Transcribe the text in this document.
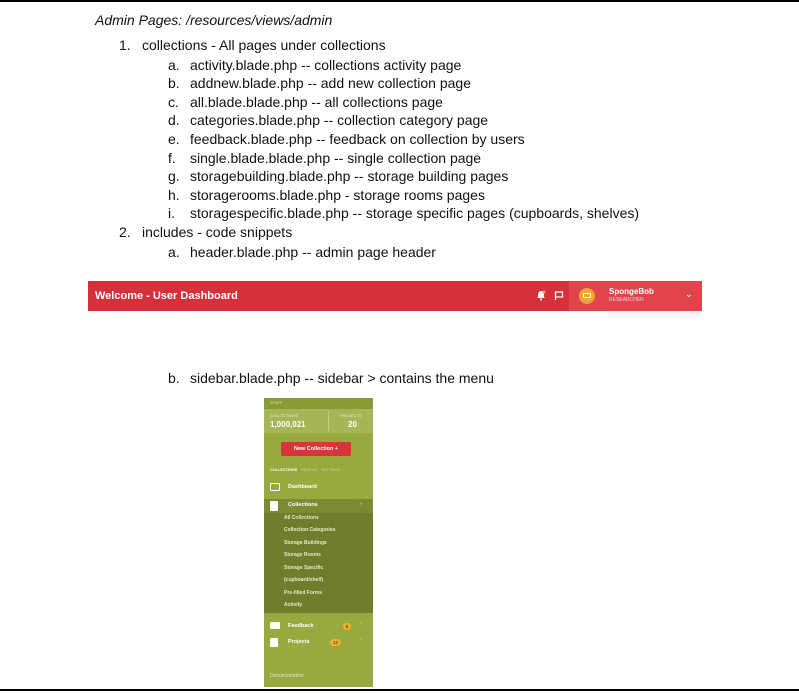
Admin Pages: /resources/views/admin
1. collections - All pages under collections
a. activity.blade.php -- collections activity page
b. addnew.blade.php -- add new collection page
c. all.blade.blade.php -- all collections page
d. categories.blade.php -- collection category page
e. feedback.blade.php -- feedback on collection by users
f. single.blade.blade.php -- single collection page
g. storagebuilding.blade.php -- storage building pages
h. storagerooms.blade.php - storage rooms pages
i. storagespecific.blade.php -- storage specific pages (cupboards, shelves)
2. includes - code snippets
a. header.blade.php -- admin page header
Welcome - User Dashboard	SpongeBob
RESEARCHER
⌄
b. sidebar.blade.php -- sidebar > contains the menu
STAFF
COLLECTIONS
1,000,021
PROJECTS
20
New Collection +
COLLECTIONS PROFILE SETTINGS
Dashboard
Collections	+
All Collections
Collection Categories
Storage Buildings
Storage Rooms
Storage Specific
(cupboard/shelf)
Pre-filled Forms
Activity
Feedback	8	+
Projects	12	+
Documentation
